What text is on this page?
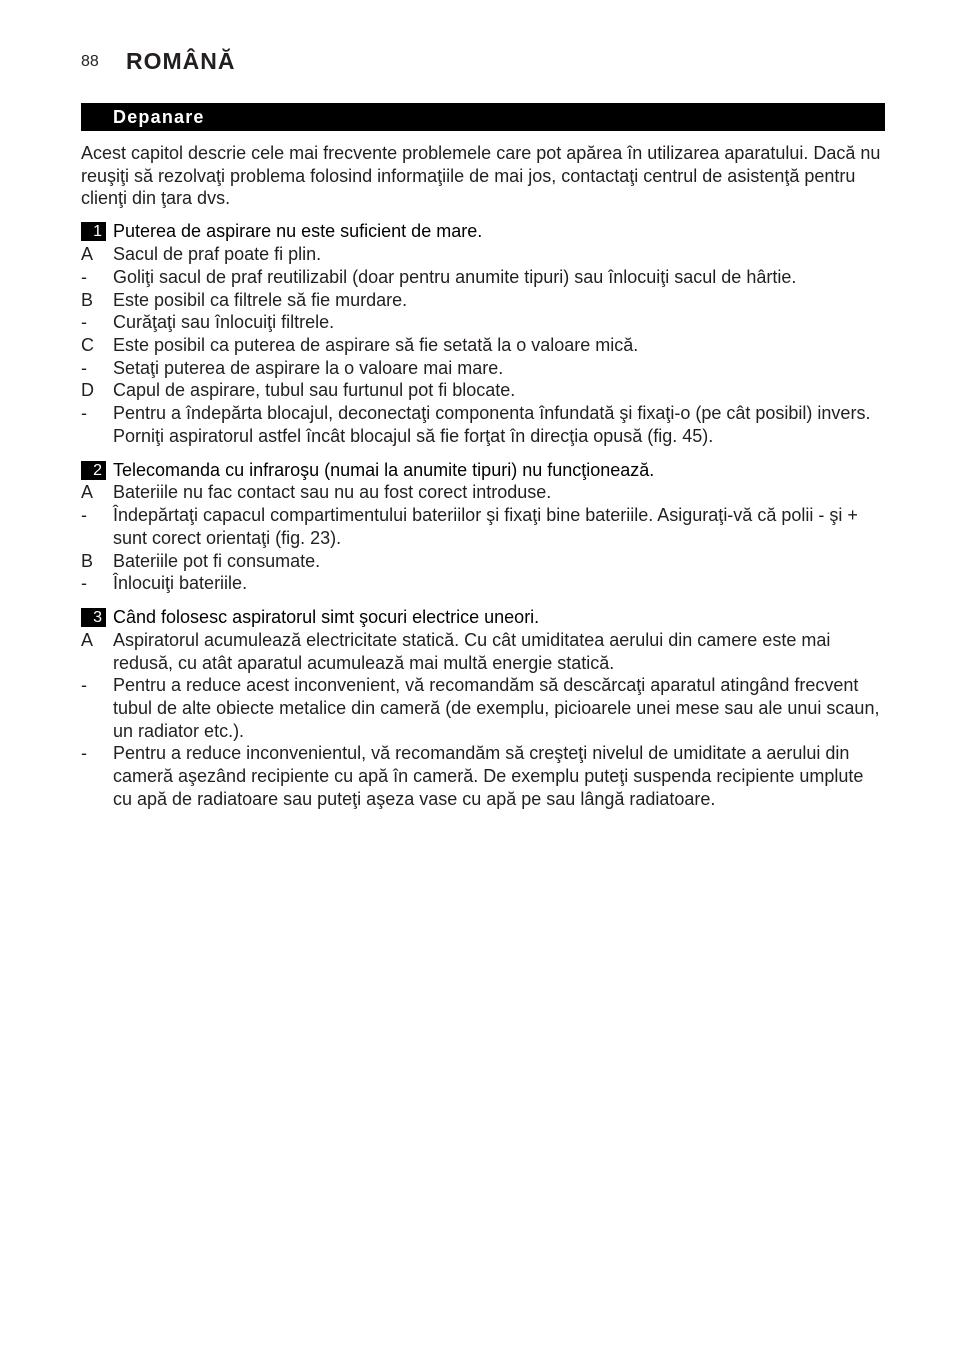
88 ROMÂNĂ
Depanare

Acest capitol descrie cele mai frecvente problemele care pot apărea în utilizarea aparatului. Dacă nu reuşiţi să rezolvaţi problema folosind informaţiile de mai jos, contactaţi centrul de asistenţă pentru clienţi din ţara dvs.

1 Puterea de aspirare nu este suficient de mare.
A	Sacul de praf poate fi plin.
-	Goliţi sacul de praf reutilizabil (doar pentru anumite tipuri) sau înlocuiţi sacul de hârtie.
B	Este posibil ca filtrele să fie murdare.
-	Curăţaţi sau înlocuiţi filtrele.
C	Este posibil ca puterea de aspirare să fie setată la o valoare mică.
-	Setaţi puterea de aspirare la o valoare mai mare.
D	Capul de aspirare, tubul sau furtunul pot fi blocate.
-	Pentru a îndepărta blocajul, deconectaţi componenta înfundată şi fixaţi-o (pe cât posibil) invers. Porniţi aspiratorul astfel încât blocajul să fie forţat în direcţia opusă (fig. 45).
2 Telecomanda cu infraroşu (numai la anumite tipuri) nu funcţionează.
A	Bateriile nu fac contact sau nu au fost corect introduse.
-	Îndepărtaţi capacul compartimentului bateriilor şi fixaţi bine bateriile. Asiguraţi-vă că polii - şi + sunt corect orientaţi (fig. 23).
B	Bateriile pot fi consumate.
-	Înlocuiţi bateriile.
3 Când folosesc aspiratorul simt şocuri electrice uneori.
A	Aspiratorul acumulează electricitate statică. Cu cât umiditatea aerului din camere este mai redusă, cu atât aparatul acumulează mai multă energie statică.
-	Pentru a reduce acest inconvenient, vă recomandăm să descărcaţi aparatul atingând frecvent tubul de alte obiecte metalice din cameră (de exemplu, picioarele unei mese sau ale unui scaun, un radiator etc.).
-	Pentru a reduce inconvenientul, vă recomandăm să creşteţi nivelul de umiditate a aerului din cameră aşezând recipiente cu apă în cameră. De exemplu puteţi suspenda recipiente umplute cu apă de radiatoare sau puteţi aşeza vase cu apă pe sau lângă radiatoare.
